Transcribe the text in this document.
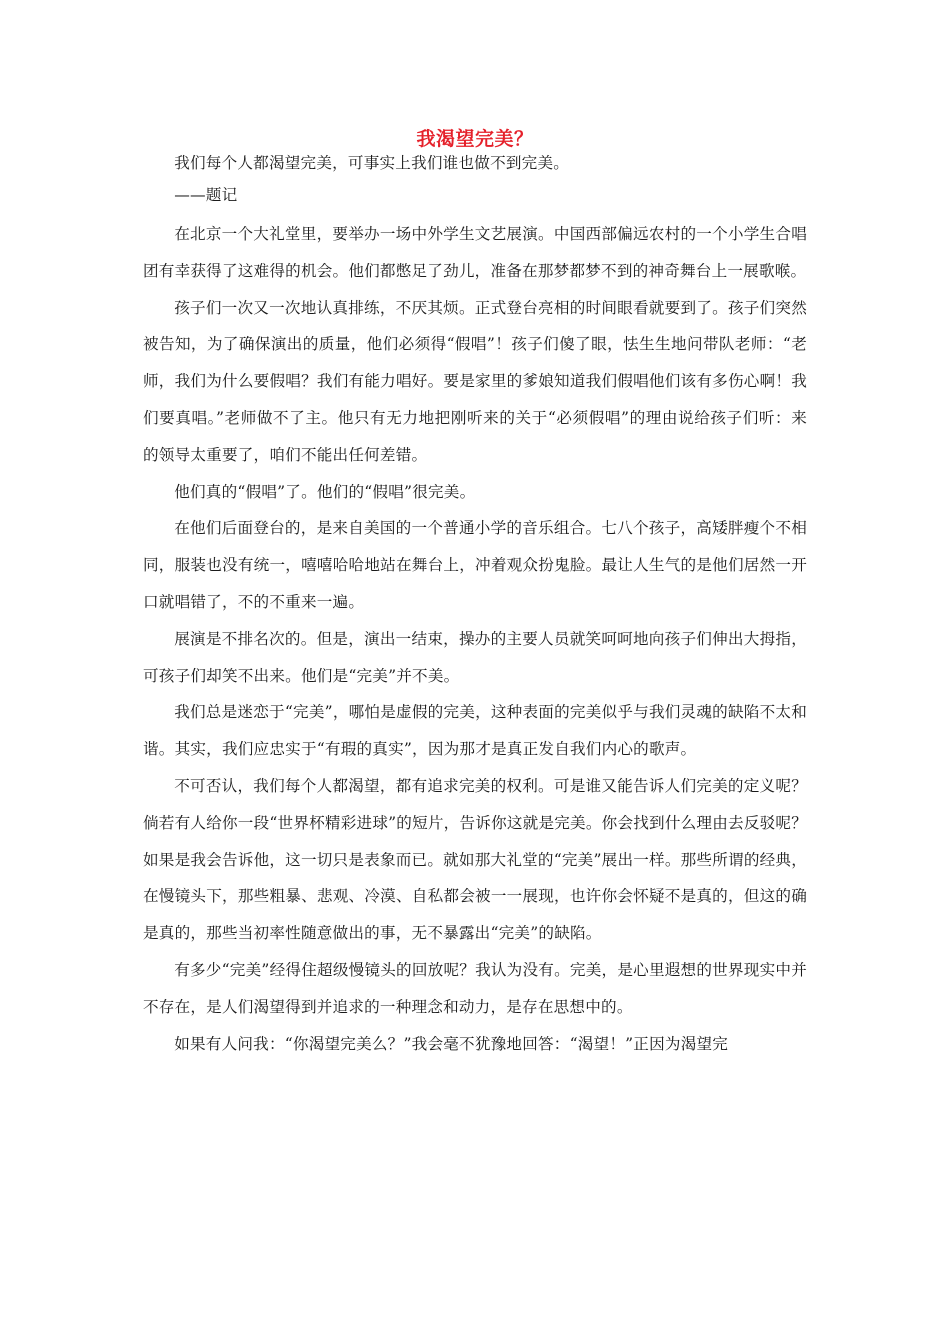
我渴望完美？

我们每个人都渴望完美，可事实上我们谁也做不到完美。

——题记

在北京一个大礼堂里，要举办一场中外学生文艺展演。中国西部偏远农村的一个小学生合唱团有幸获得了这难得的机会。他们都憋足了劲儿，准备在那梦都梦不到的神奇舞台上一展歌喉。

孩子们一次又一次地认真排练，不厌其烦。正式登台亮相的时间眼看就要到了。孩子们突然被告知，为了确保演出的质量，他们必须得“假唱”！孩子们傻了眼，怯生生地问带队老师：“老师，我们为什么要假唱？我们有能力唱好。要是家里的爹娘知道我们假唱他们该有多伤心啊！我们要真唱。”老师做不了主。他只有无力地把刚听来的关于“必须假唱”的理由说给孩子们听：来的领导太重要了，咱们不能出任何差错。

他们真的“假唱”了。他们的“假唱”很完美。

在他们后面登台的，是来自美国的一个普通小学的音乐组合。七八个孩子，高矮胖瘦个不相同，服装也没有统一，嘻嘻哈哈地站在舞台上，冲着观众扮鬼脸。最让人生气的是他们居然一开口就唱错了，不的不重来一遍。

展演是不排名次的。但是，演出一结束，操办的主要人员就笑呵呵地向孩子们伸出大拇指，可孩子们却笑不出来。他们是“完美”并不美。

我们总是迷恋于“完美”，哪怕是虚假的完美，这种表面的完美似乎与我们灵魂的缺陷不太和谐。其实，我们应忠实于“有瑕的真实”，因为那才是真正发自我们内心的歌声。

不可否认，我们每个人都渴望，都有追求完美的权利。可是谁又能告诉人们完美的定义呢？倘若有人给你一段“世界杯精彩进球”的短片，告诉你这就是完美。你会找到什么理由去反驳呢？如果是我会告诉他，这一切只是表象而已。就如那大礼堂的“完美”展出一样。那些所谓的经典，在慢镜头下，那些粗暴、悲观、冷漠、自私都会被一一展现，也许你会怀疑不是真的，但这的确是真的，那些当初率性随意做出的事，无不暴露出“完美”的缺陷。

有多少“完美”经得住超级慢镜头的回放呢？我认为没有。完美，是心里遐想的世界现实中并不存在，是人们渴望得到并追求的一种理念和动力，是存在思想中的。

如果有人问我：“你渴望完美么？”我会毫不犹豫地回答：“渴望！”正因为渴望完
